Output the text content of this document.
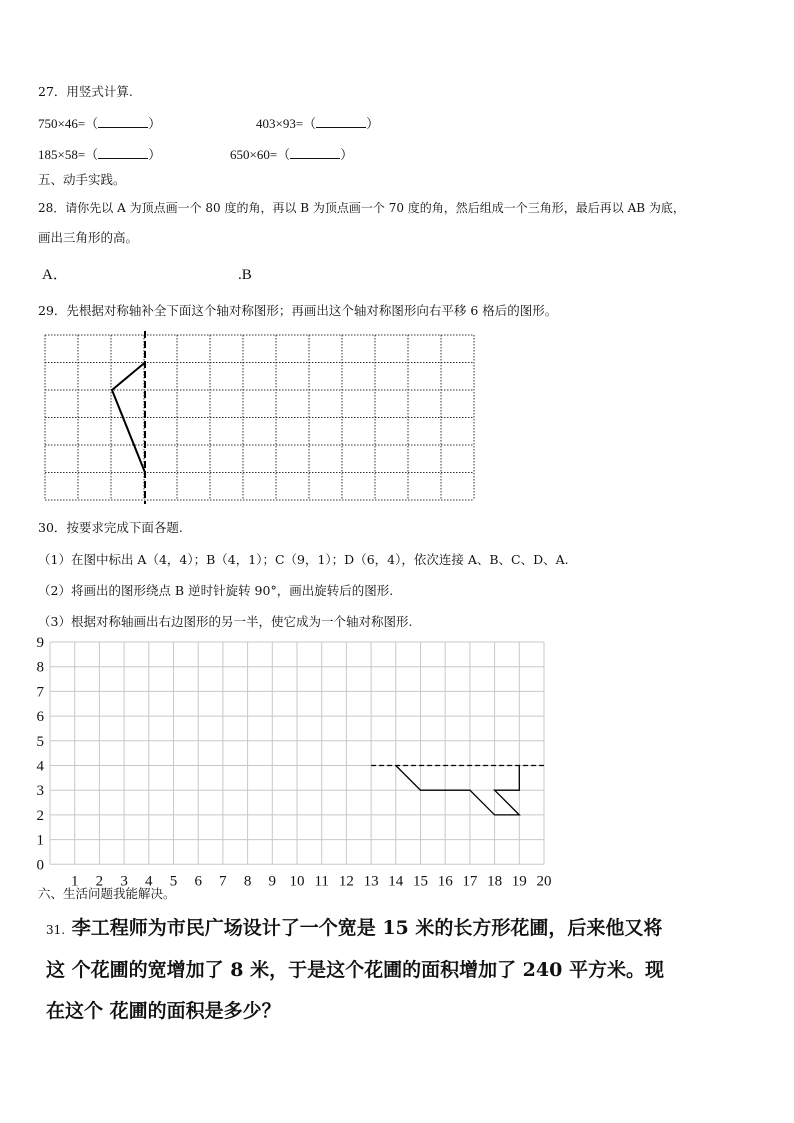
27．用竖式计算.
750×46=（	）	403×93=（	）
185×58=（	）	650×60=（	）
五、动手实践。
28．请你先以 A 为顶点画一个 80 度的角，再以 B 为顶点画一个 70 度的角，然后组成一个三角形，最后再以 AB 为底，
画出三角形的高。
A．	.B
29．先根据对称轴补全下面这个轴对称图形；再画出这个轴对称图形向右平移 6 格后的图形。
30．按要求完成下面各题.
（1）在图中标出 A（4，4）；B（4，1）；C（9，1）；D（6，4），依次连接 A、B、C、D、A.
（2）将画出的图形绕点 B 逆时针旋转 90°，画出旋转后的图形.
（3）根据对称轴画出右边图形的另一半，使它成为一个轴对称图形.
0
1
2
3
4
5
6
7
8
9
1 2 3 4 5 6 7 8 9 10 11 12 13 14 15 16 17 18 19 20
六、生活问题我能解决。
31. 李工程师为市民广场设计了一个宽是 15 米的长方形花圃，后来他又将
这 个花圃的宽增加了 8 米，于是这个花圃的面积增加了 240 平方米。现
在这个 花圃的面积是多少？
